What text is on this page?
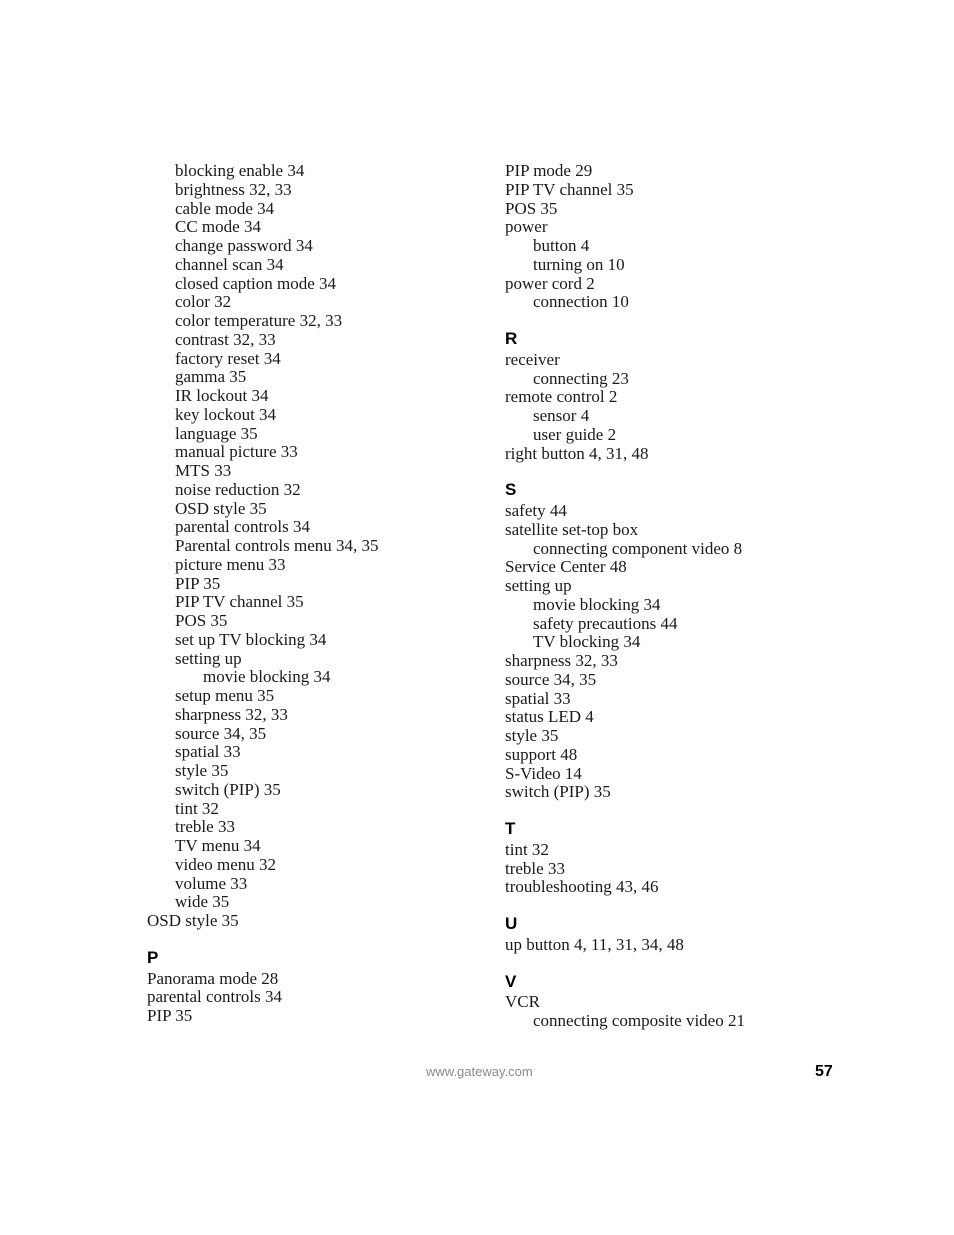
blocking enable 34
brightness 32, 33
cable mode 34
CC mode 34
change password 34
channel scan 34
closed caption mode 34
color 32
color temperature 32, 33
contrast 32, 33
factory reset 34
gamma 35
IR lockout 34
key lockout 34
language 35
manual picture 33
MTS 33
noise reduction 32
OSD style 35
parental controls 34
Parental controls menu 34, 35
picture menu 33
PIP 35
PIP TV channel 35
POS 35
set up TV blocking 34
setting up
movie blocking 34
setup menu 35
sharpness 32, 33
source 34, 35
spatial 33
style 35
switch (PIP) 35
tint 32
treble 33
TV menu 34
video menu 32
volume 33
wide 35
OSD style 35
P
Panorama mode 28
parental controls 34
PIP 35
PIP mode 29
PIP TV channel 35
POS 35
power
button 4
turning on 10
power cord 2
connection 10
R
receiver
connecting 23
remote control 2
sensor 4
user guide 2
right button 4, 31, 48
S
safety 44
satellite set-top box
connecting component video 8
Service Center 48
setting up
movie blocking 34
safety precautions 44
TV blocking 34
sharpness 32, 33
source 34, 35
spatial 33
status LED 4
style 35
support 48
S-Video 14
switch (PIP) 35
T
tint 32
treble 33
troubleshooting 43, 46
U
up button 4, 11, 31, 34, 48
V
VCR
connecting composite video 21
www.gateway.com	57
